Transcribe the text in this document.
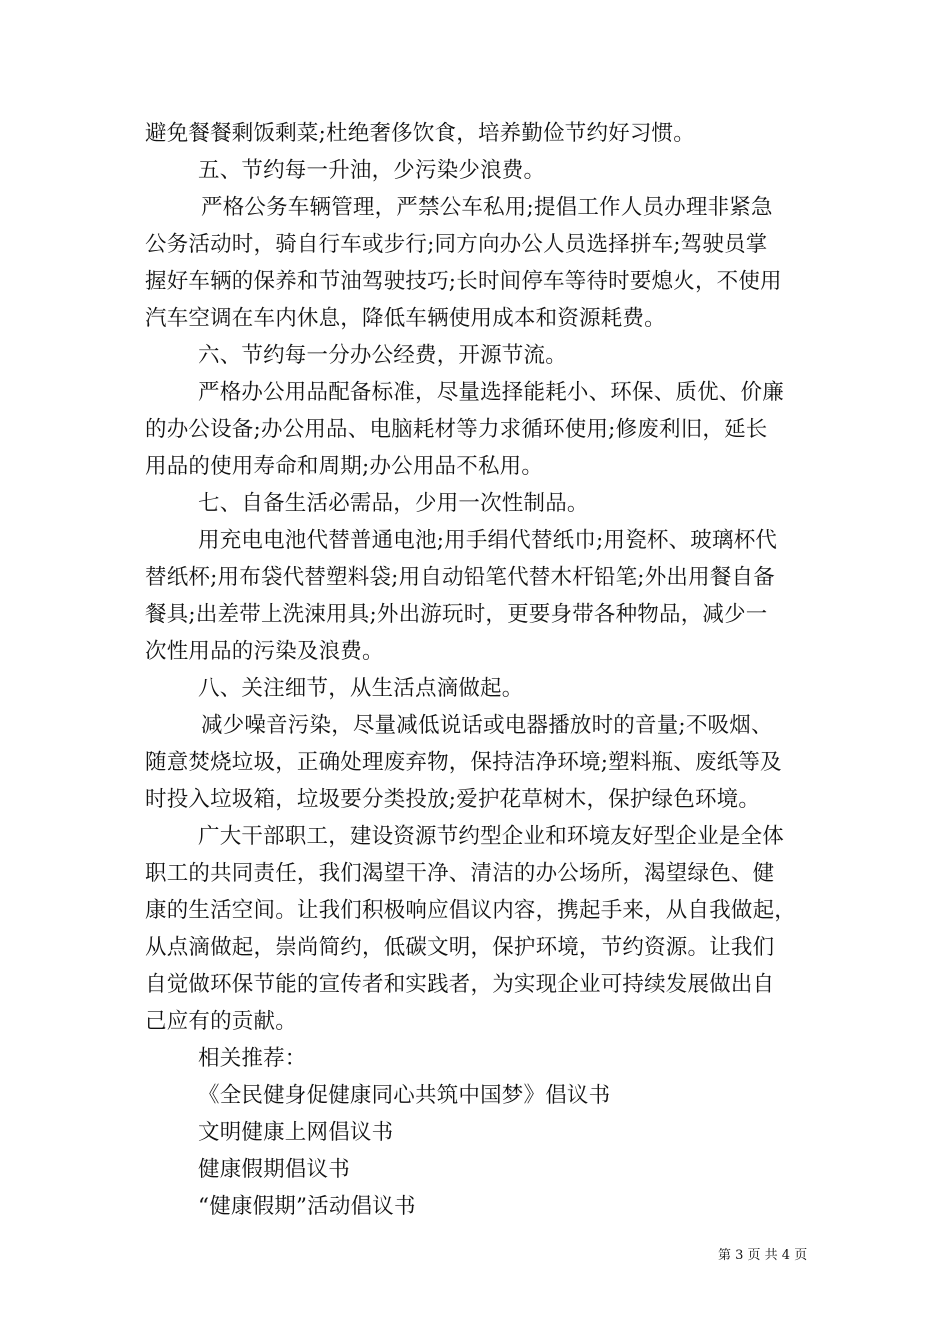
避免餐餐剩饭剩菜;杜绝奢侈饮食，培养勤俭节约好习惯。
五、节约每一升油，少污染少浪费。
严格公务车辆管理，严禁公车私用;提倡工作人员办理非紧急
公务活动时，骑自行车或步行;同方向办公人员选择拼车;驾驶员掌
握好车辆的保养和节油驾驶技巧;长时间停车等待时要熄火，不使用
汽车空调在车内休息，降低车辆使用成本和资源耗费。
六、节约每一分办公经费，开源节流。
严格办公用品配备标准，尽量选择能耗小、环保、质优、价廉
的办公设备;办公用品、电脑耗材等力求循环使用;修废利旧，延长
用品的使用寿命和周期;办公用品不私用。
七、自备生活必需品，少用一次性制品。
用充电电池代替普通电池;用手绢代替纸巾;用瓷杯、玻璃杯代
替纸杯;用布袋代替塑料袋;用自动铅笔代替木杆铅笔;外出用餐自备
餐具;出差带上洗涑用具;外出游玩时，更要身带各种物品，减少一
次性用品的污染及浪费。
八、关注细节，从生活点滴做起。
减少噪音污染，尽量减低说话或电器播放时的音量;不吸烟、
随意焚烧垃圾，正确处理废弃物，保持洁净环境;塑料瓶、废纸等及
时投入垃圾箱，垃圾要分类投放;爱护花草树木，保护绿色环境。
广大干部职工，建设资源节约型企业和环境友好型企业是全体
职工的共同责任，我们渴望干净、清洁的办公场所，渴望绿色、健
康的生活空间。让我们积极响应倡议内容，携起手来，从自我做起，
从点滴做起，崇尚简约，低碳文明，保护环境，节约资源。让我们
自觉做环保节能的宣传者和实践者，为实现企业可持续发展做出自
己应有的贡献。
相关推荐：
《全民健身促健康同心共筑中国梦》倡议书
文明健康上网倡议书
健康假期倡议书
“健康假期”活动倡议书
第 3 页 共 4 页
